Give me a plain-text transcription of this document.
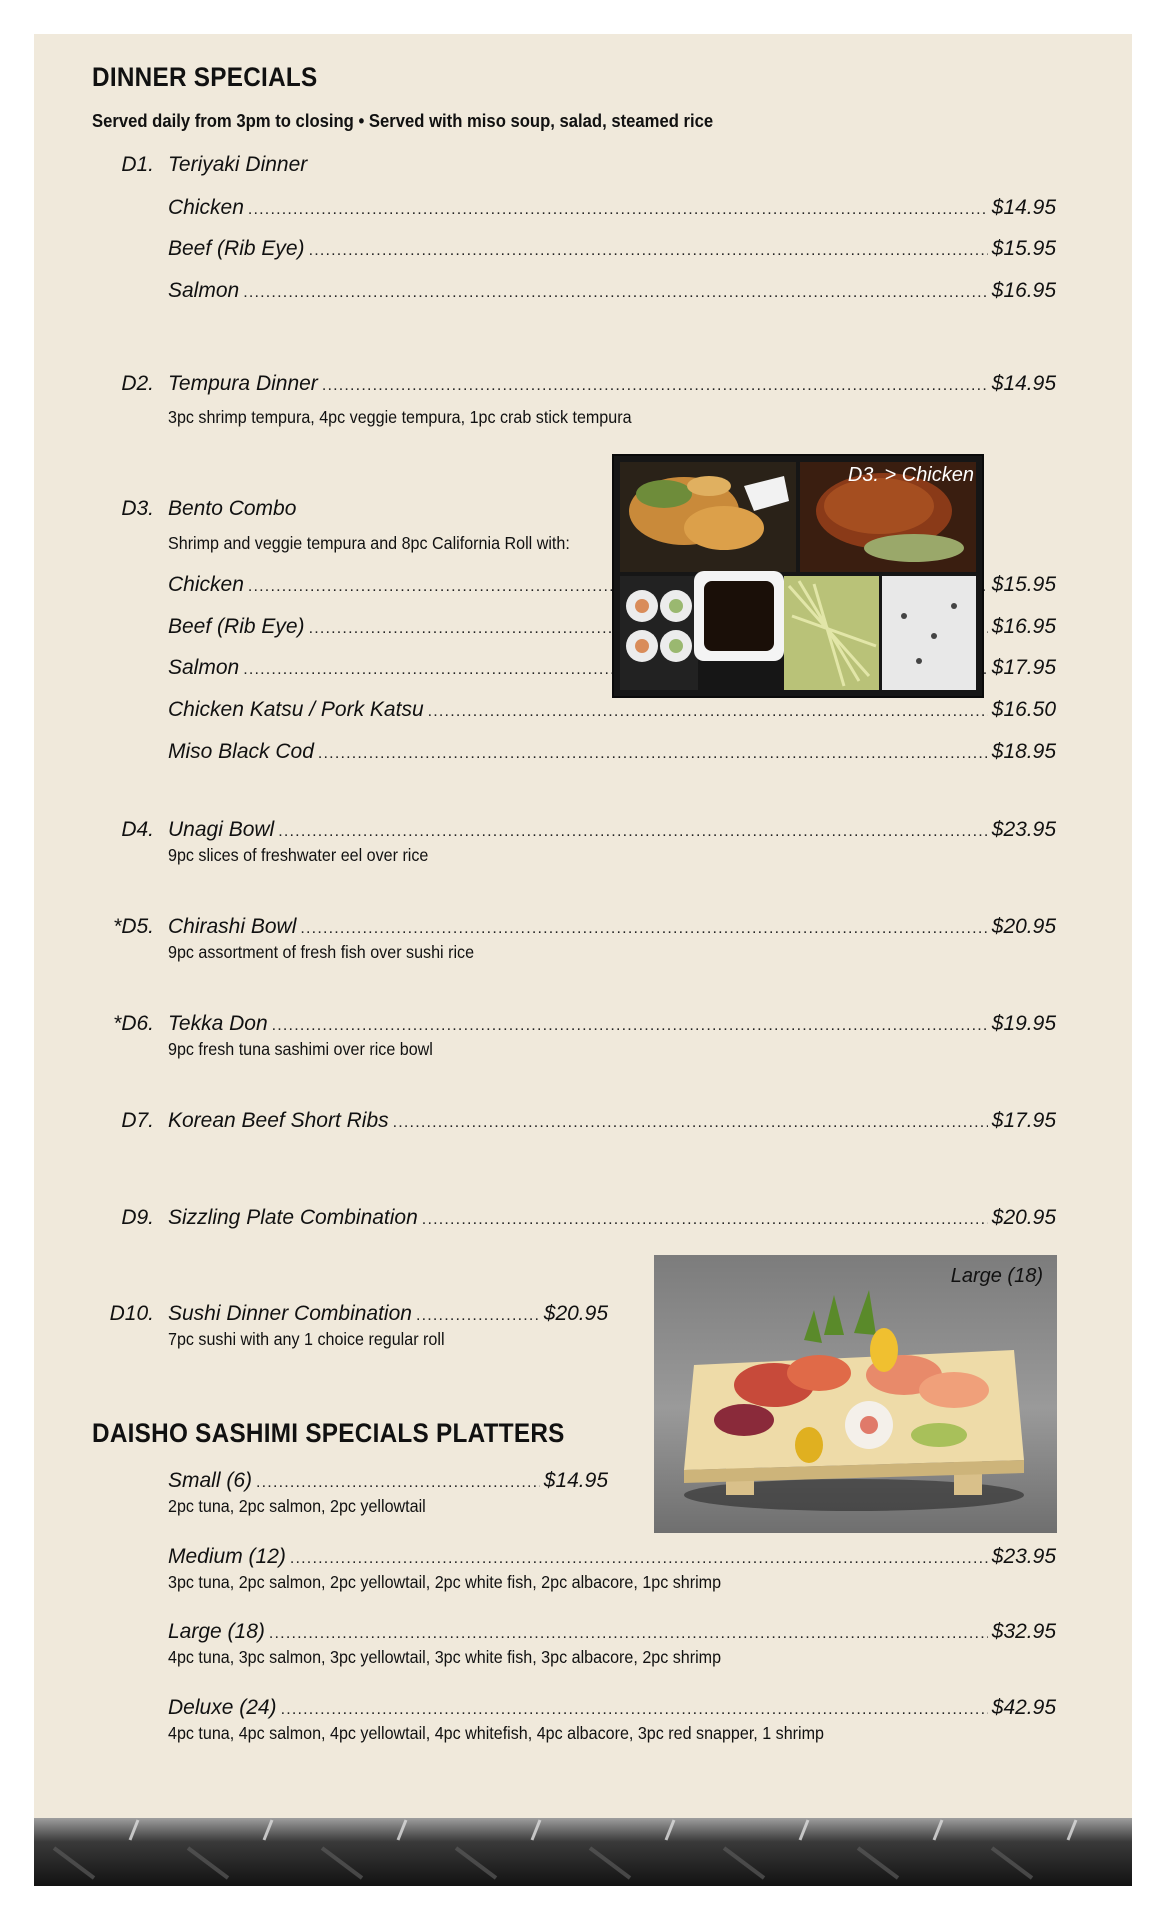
DINNER SPECIALS
Served daily from 3pm to closing • Served with miso soup, salad, steamed rice
D1. Teriyaki Dinner
Chicken .....	$14.95
Beef (Rib Eye) .....	$15.95
Salmon .....	$16.95
D2. Tempura Dinner .....	$14.95
3pc shrimp tempura, 4pc veggie tempura, 1pc crab stick tempura
D3. Bento Combo
Shrimp and veggie tempura and 8pc California Roll with:
Chicken .....	$15.95
Beef (Rib Eye) .....	$16.95
Salmon .....	$17.95
Chicken Katsu / Pork Katsu .....	$16.50
Miso Black Cod .....	$18.95
D3. > Chicken
D4. Unagi Bowl .....	$23.95
9pc slices of freshwater eel over rice
*D5. Chirashi Bowl .....	$20.95
9pc assortment of fresh fish over sushi rice
*D6. Tekka Don .....	$19.95
9pc fresh tuna sashimi over rice bowl
D7. Korean Beef Short Ribs .....	$17.95
D9. Sizzling Plate Combination .....	$20.95
D10. Sushi Dinner Combination .....	$20.95
7pc sushi with any 1 choice regular roll
Large (18)
DAISHO SASHIMI SPECIALS PLATTERS
Small (6) .....	$14.95
2pc tuna, 2pc salmon, 2pc yellowtail
Medium (12) .....	$23.95
3pc tuna, 2pc salmon, 2pc yellowtail, 2pc white fish, 2pc albacore, 1pc shrimp
Large (18) .....	$32.95
4pc tuna, 3pc salmon, 3pc yellowtail, 3pc white fish, 3pc albacore, 2pc shrimp
Deluxe (24) .....	$42.95
4pc tuna, 4pc salmon, 4pc yellowtail, 4pc whitefish, 4pc albacore, 3pc red snapper, 1 shrimp
